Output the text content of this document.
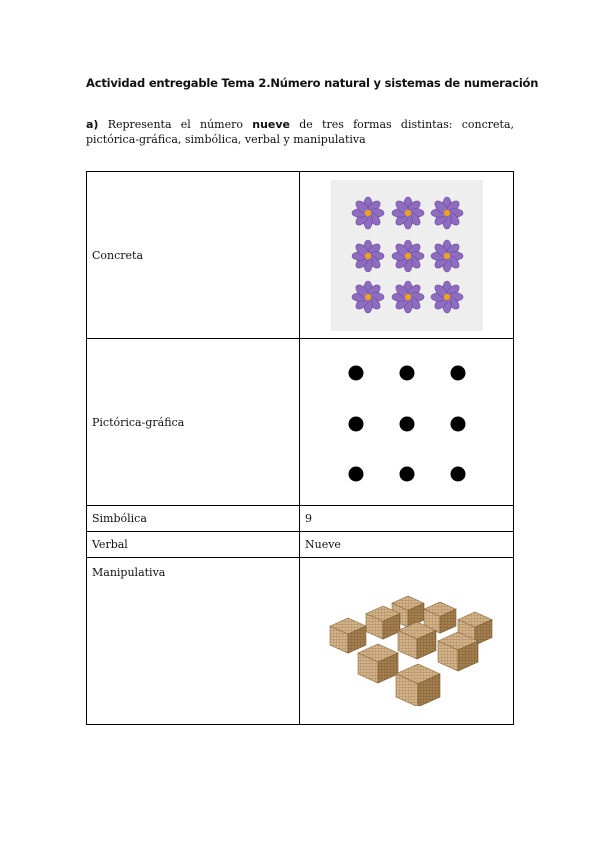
Actividad entregable Tema 2.Número natural y sistemas de numeración
a) Representa el número nueve de tres formas distintas: concreta, pictórica-gráfica, simbólica, verbal y manipulativa
Concreta	

Pictórica-gráfica	

Simbólica	9
Verbal	Nueve
Manipulativa	
